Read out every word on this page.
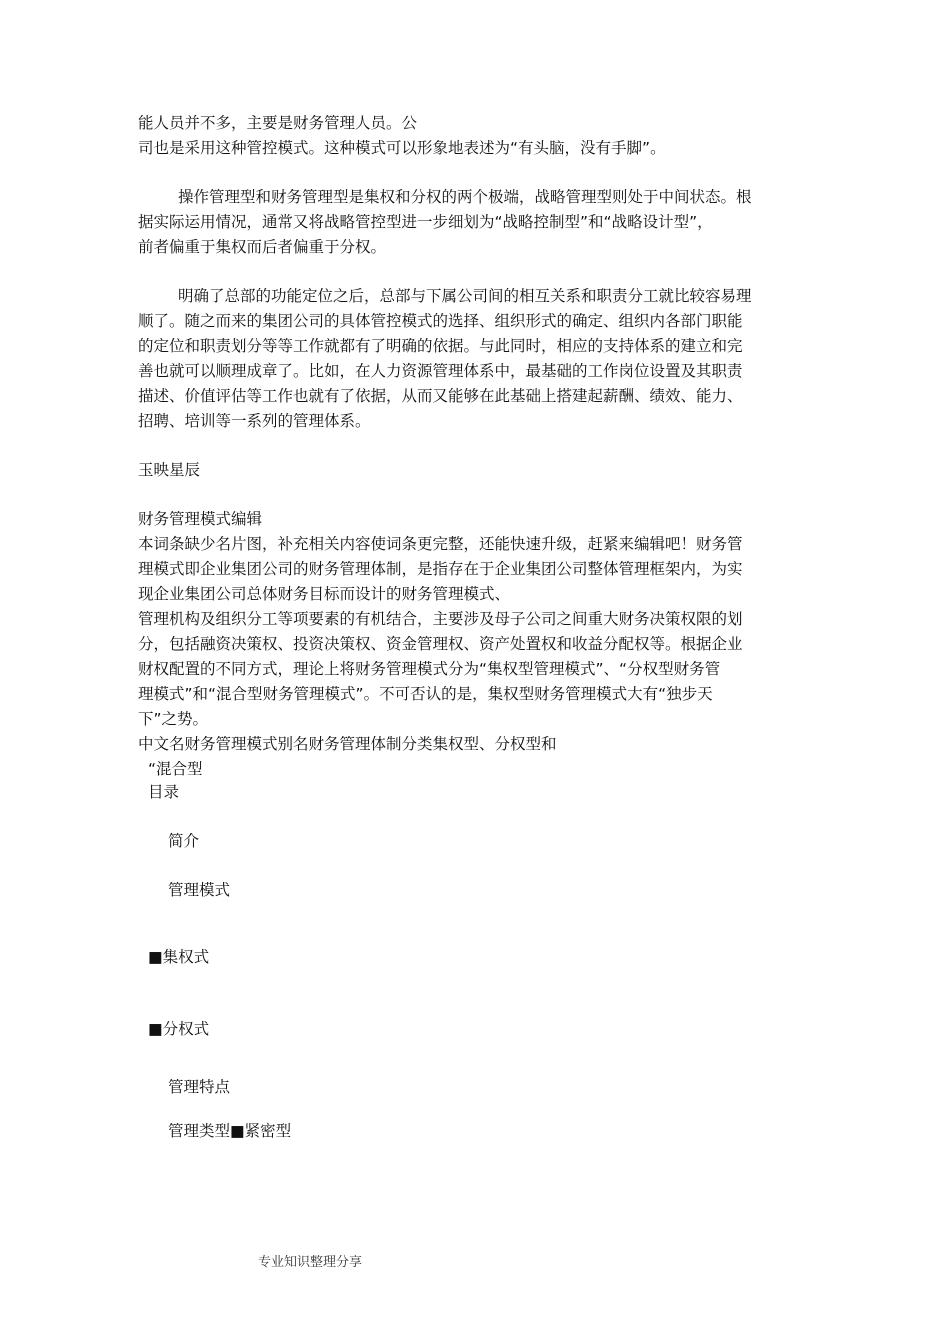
能人员并不多，主要是财务管理人员。公
司也是采用这种管控模式。这种模式可以形象地表述为“有头脑，没有手脚”。
操作管理型和财务管理型是集权和分权的两个极端，战略管理型则处于中间状态。根
据实际运用情况，通常又将战略管控型进一步细划为“战略控制型”和“战略设计型”，
前者偏重于集权而后者偏重于分权。
明确了总部的功能定位之后，总部与下属公司间的相互关系和职责分工就比较容易理
顺了。随之而来的集团公司的具体管控模式的选择、组织形式的确定、组织内各部门职能
的定位和职责划分等等工作就都有了明确的依据。与此同时，相应的支持体系的建立和完
善也就可以顺理成章了。比如，在人力资源管理体系中，最基础的工作岗位设置及其职责
描述、价值评估等工作也就有了依据，从而又能够在此基础上搭建起薪酬、绩效、能力、
招聘、培训等一系列的管理体系。
玉映星辰
财务管理模式编辑
本词条缺少名片图，补充相关内容使词条更完整，还能快速升级，赶紧来编辑吧！财务管
理模式即企业集团公司的财务管理体制，是指存在于企业集团公司整体管理框架内，为实
现企业集团公司总体财务目标而设计的财务管理模式、
管理机构及组织分工等项要素的有机结合，主要涉及母子公司之间重大财务决策权限的划
分，包括融资决策权、投资决策权、资金管理权、资产处置权和收益分配权等。根据企业
财权配置的不同方式，理论上将财务管理模式分为“集权型管理模式”、“分权型财务管
理模式”和“混合型财务管理模式”。不可否认的是，集权型财务管理模式大有“独步天
下”之势。
中文名财务管理模式别名财务管理体制分类集权型、分权型和
“混合型
目录
简介
管理模式
■集权式
■分权式
管理特点
管理类型■紧密型
专业知识整理分享
